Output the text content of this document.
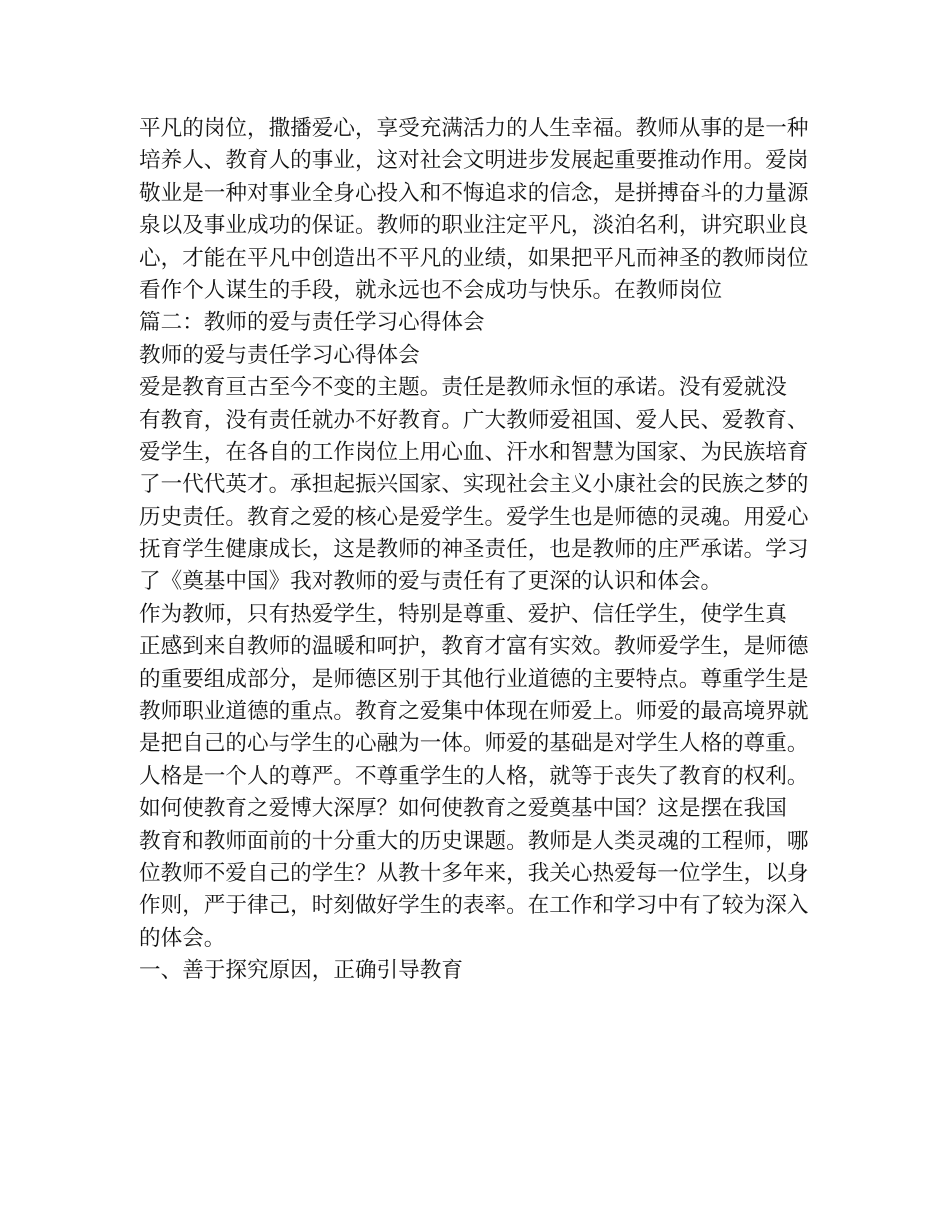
平凡的岗位，撒播爱心，享受充满活力的人生幸福。教师从事的是一种
培养人、教育人的事业，这对社会文明进步发展起重要推动作用。爱岗
敬业是一种对事业全身心投入和不悔追求的信念，是拼搏奋斗的力量源
泉以及事业成功的保证。教师的职业注定平凡，淡泊名利，讲究职业良
心，才能在平凡中创造出不平凡的业绩，如果把平凡而神圣的教师岗位
看作个人谋生的手段，就永远也不会成功与快乐。在教师岗位
篇二：教师的爱与责任学习心得体会
教师的爱与责任学习心得体会
爱是教育亘古至今不变的主题。责任是教师永恒的承诺。没有爱就没
有教育，没有责任就办不好教育。广大教师爱祖国、爱人民、爱教育、
爱学生，在各自的工作岗位上用心血、汗水和智慧为国家、为民族培育
了一代代英才。承担起振兴国家、实现社会主义小康社会的民族之梦的
历史责任。教育之爱的核心是爱学生。爱学生也是师德的灵魂。用爱心
抚育学生健康成长，这是教师的神圣责任，也是教师的庄严承诺。学习
了《奠基中国》我对教师的爱与责任有了更深的认识和体会。
作为教师，只有热爱学生，特别是尊重、爱护、信任学生，使学生真
正感到来自教师的温暖和呵护，教育才富有实效。教师爱学生，是师德
的重要组成部分，是师德区别于其他行业道德的主要特点。尊重学生是
教师职业道德的重点。教育之爱集中体现在师爱上。师爱的最高境界就
是把自己的心与学生的心融为一体。师爱的基础是对学生人格的尊重。
人格是一个人的尊严。不尊重学生的人格，就等于丧失了教育的权利。
如何使教育之爱博大深厚？如何使教育之爱奠基中国？这是摆在我国
教育和教师面前的十分重大的历史课题。教师是人类灵魂的工程师，哪
位教师不爱自己的学生？从教十多年来，我关心热爱每一位学生，以身
作则，严于律己，时刻做好学生的表率。在工作和学习中有了较为深入
的体会。
一、善于探究原因，正确引导教育
